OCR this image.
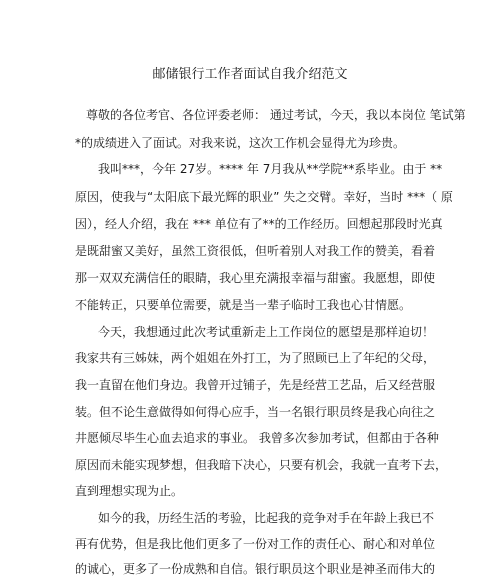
邮储银行工作者面试自我介绍范文
尊敬的各位考官、各位评委老师： 通过考试，今天，我以本岗位 笔试第
*的成绩进入了面试。对我来说，这次工作机会显得尤为珍贵。
我叫***，今年 27岁。**** 年 7月我从**学院**系毕业。由于 **
原因，使我与“太阳底下最光辉的职业” 失之交臂。幸好，当时 ***（ 原
因），经人介绍，我在 *** 单位有了**的工作经历。回想起那段时光真
是既甜蜜又美好，虽然工资很低，但听着别人对我工作的赞美，看着
那一双双充满信任的眼睛，我心里充满报幸福与甜蜜。我愿想，即使
不能转正，只要单位需要，就是当一辈子临时工我也心甘情愿。
今天，我想通过此次考试重新走上工作岗位的愿望是那样迫切！
我家共有三姊妹，两个姐姐在外打工，为了照顾已上了年纪的父母，
我一直留在他们身边。我曾开过铺子，先是经营工艺品，后又经营服
装。但不论生意做得如何得心应手，当一名银行职员终是我心向往之
井愿倾尽毕生心血去追求的事业。 我曾多次参加考试，但都由于各种
原因而未能实现梦想，但我暗下决心，只要有机会，我就一直考下去，
直到理想实现为止。
如今的我，历经生活的考验，比起我的竞争对手在年龄上我已不
再有优势，但是我比他们更多了一份对工作的责任心、耐心和对单位
的诚心，更多了一份成熟和自信。银行职员这个职业是神圣而伟大的
